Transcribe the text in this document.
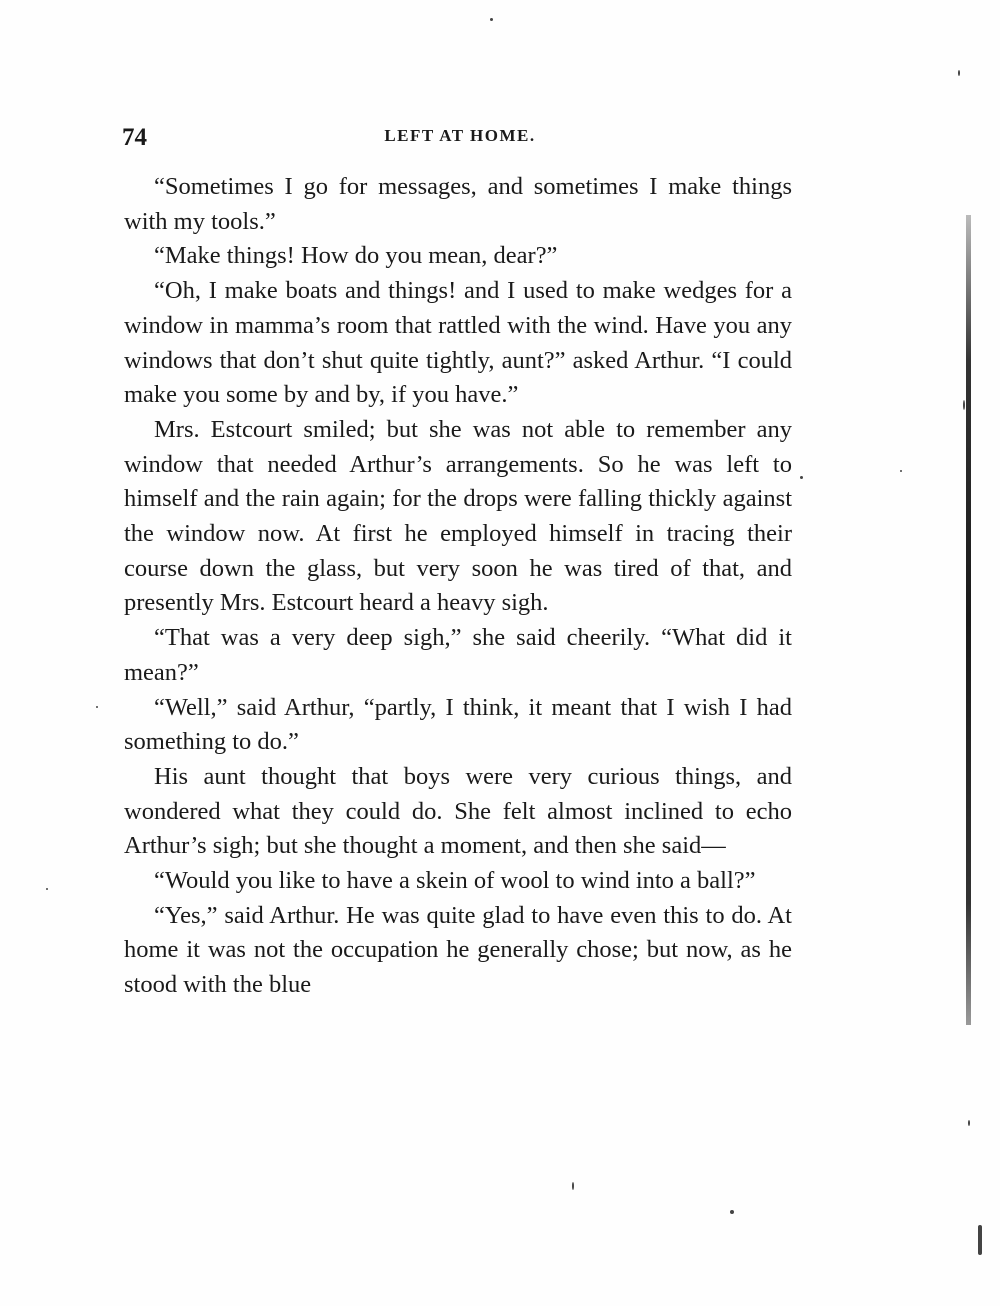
74	LEFT AT HOME.

“Sometimes I go for messages, and sometimes I make things with my tools.”

“Make things! How do you mean, dear?”

“Oh, I make boats and things! and I used to make wedges for a window in mamma’s room that rattled with the wind. Have you any windows that don’t shut quite tightly, aunt?” asked Arthur. “I could make you some by and by, if you have.”

Mrs. Estcourt smiled; but she was not able to remember any window that needed Arthur’s arrangements. So he was left to himself and the rain again; for the drops were falling thickly against the window now. At first he employed himself in tracing their course down the glass, but very soon he was tired of that, and presently Mrs. Estcourt heard a heavy sigh.

“That was a very deep sigh,” she said cheerily. “What did it mean?”

“Well,” said Arthur, “partly, I think, it meant that I wish I had something to do.”

His aunt thought that boys were very curious things, and wondered what they could do. She felt almost inclined to echo Arthur’s sigh; but she thought a moment, and then she said—

“Would you like to have a skein of wool to wind into a ball?”

“Yes,” said Arthur. He was quite glad to have even this to do. At home it was not the occupation he generally chose; but now, as he stood with the blue
